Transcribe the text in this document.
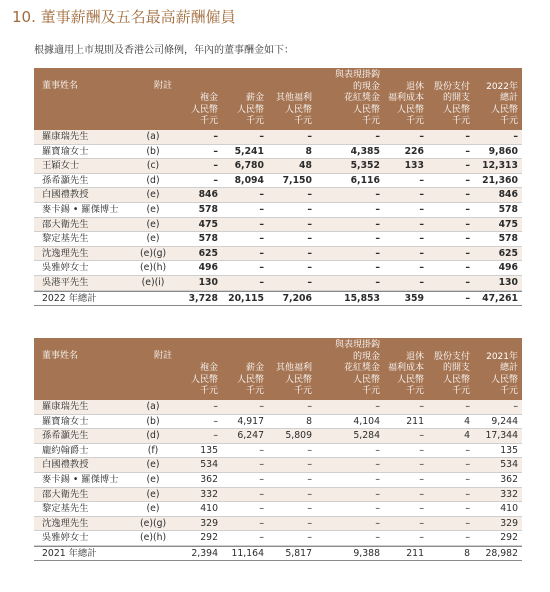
10. 董事薪酬及五名最高薪酬僱員
根據適用上市規則及香港公司條例，年內的董事酬金如下：
董事姓名	附註
袍金
人民幣
千元
薪金
人民幣
千元
其他福利
人民幣
千元
與表現掛鈎
的現金
花紅獎金
人民幣
千元
退休
福利成本
人民幣
千元
股份支付
的開支
人民幣
千元
2022年
總計
人民幣
千元
羅康瑞先生	(a)	–	–	–	–	–	–	–
羅寶瑜女士	(b)	–	5,241	8	4,385	226	–	9,860
王穎女士	(c)	–	6,780	48	5,352	133	–	12,313
孫希灝先生	(d)	–	8,094	7,150	6,116	–	–	21,360
白國禮教授	(e)	846	–	–	–	–	–	846
麥卡錫 • 羅傑博士	(e)	578	–	–	–	–	–	578
邵大衛先生	(e)	475	–	–	–	–	–	475
黎定基先生	(e)	578	–	–	–	–	–	578
沈逸理先生	(e)(g)	625	–	–	–	–	–	625
吳雅婷女士	(e)(h)	496	–	–	–	–	–	496
吳港平先生	(e)(i)	130	–	–	–	–	–	130
2022 年總計	3,728	20,115	7,206	15,853	359	–	47,261
董事姓名	附註
袍金
人民幣
千元
薪金
人民幣
千元
其他福利
人民幣
千元
與表現掛鈎
的現金
花紅獎金
人民幣
千元
退休
福利成本
人民幣
千元
股份支付
的開支
人民幣
千元
2021年
總計
人民幣
千元
羅康瑞先生	(a)	–	–	–	–	–	–	–
羅寶瑜女士	(b)	–	4,917	8	4,104	211	4	9,244
孫希灝先生	(d)	–	6,247	5,809	5,284	–	4	17,344
龐約翰爵士	(f)	135	–	–	–	–	–	135
白國禮教授	(e)	534	–	–	–	–	–	534
麥卡錫 • 羅傑博士	(e)	362	–	–	–	–	–	362
邵大衛先生	(e)	332	–	–	–	–	–	332
黎定基先生	(e)	410	–	–	–	–	–	410
沈逸理先生	(e)(g)	329	–	–	–	–	–	329
吳雅婷女士	(e)(h)	292	–	–	–	–	–	292
2021 年總計	2,394	11,164	5,817	9,388	211	8	28,982
